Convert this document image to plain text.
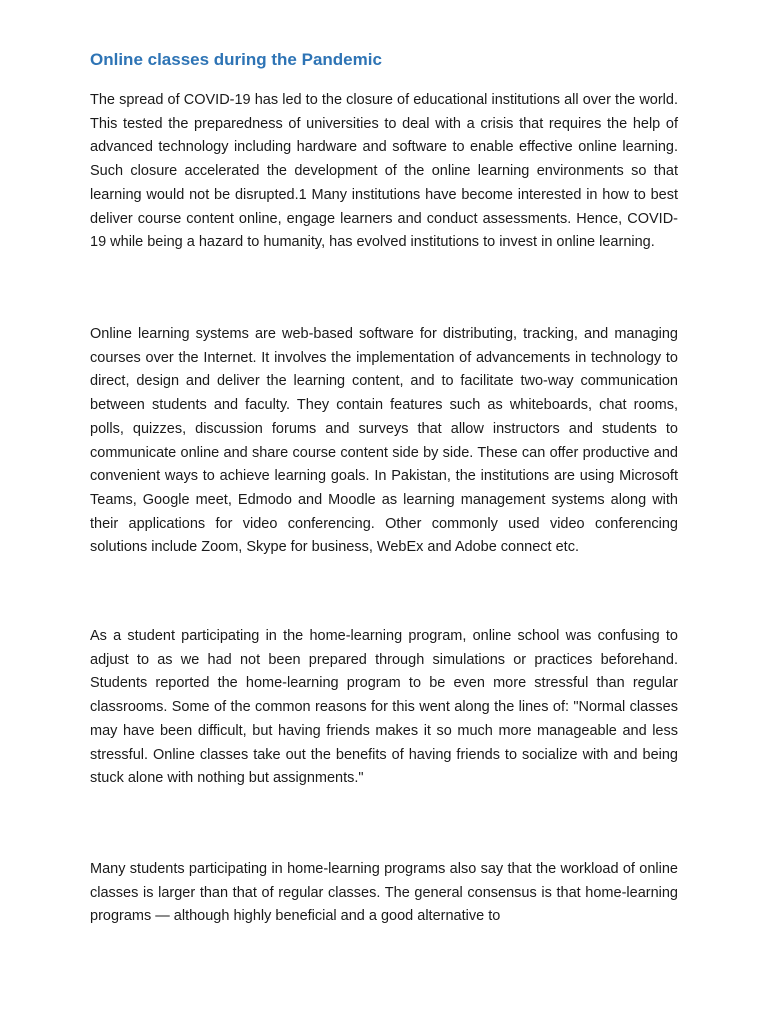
Online classes during the Pandemic

The spread of COVID-19 has led to the closure of educational institutions all over the world. This tested the preparedness of universities to deal with a crisis that requires the help of advanced technology including hardware and software to enable effective online learning. Such closure accelerated the development of the online learning environments so that learning would not be disrupted.1 Many institutions have become interested in how to best deliver course content online, engage learners and conduct assessments. Hence, COVID-19 while being a hazard to humanity, has evolved institutions to invest in online learning.

Online learning systems are web-based software for distributing, tracking, and managing courses over the Internet. It involves the implementation of advancements in technology to direct, design and deliver the learning content, and to facilitate two-way communication between students and faculty. They contain features such as whiteboards, chat rooms, polls, quizzes, discussion forums and surveys that allow instructors and students to communicate online and share course content side by side. These can offer productive and convenient ways to achieve learning goals. In Pakistan, the institutions are using Microsoft Teams, Google meet, Edmodo and Moodle as learning management systems along with their applications for video conferencing. Other commonly used video conferencing solutions include Zoom, Skype for business, WebEx and Adobe connect etc.

As a student participating in the home-learning program, online school was confusing to adjust to as we had not been prepared through simulations or practices beforehand. Students reported the home-learning program to be even more stressful than regular classrooms. Some of the common reasons for this went along the lines of: "Normal classes may have been difficult, but having friends makes it so much more manageable and less stressful. Online classes take out the benefits of having friends to socialize with and being stuck alone with nothing but assignments."

Many students participating in home-learning programs also say that the workload of online classes is larger than that of regular classes. The general consensus is that home-learning programs — although highly beneficial and a good alternative to
